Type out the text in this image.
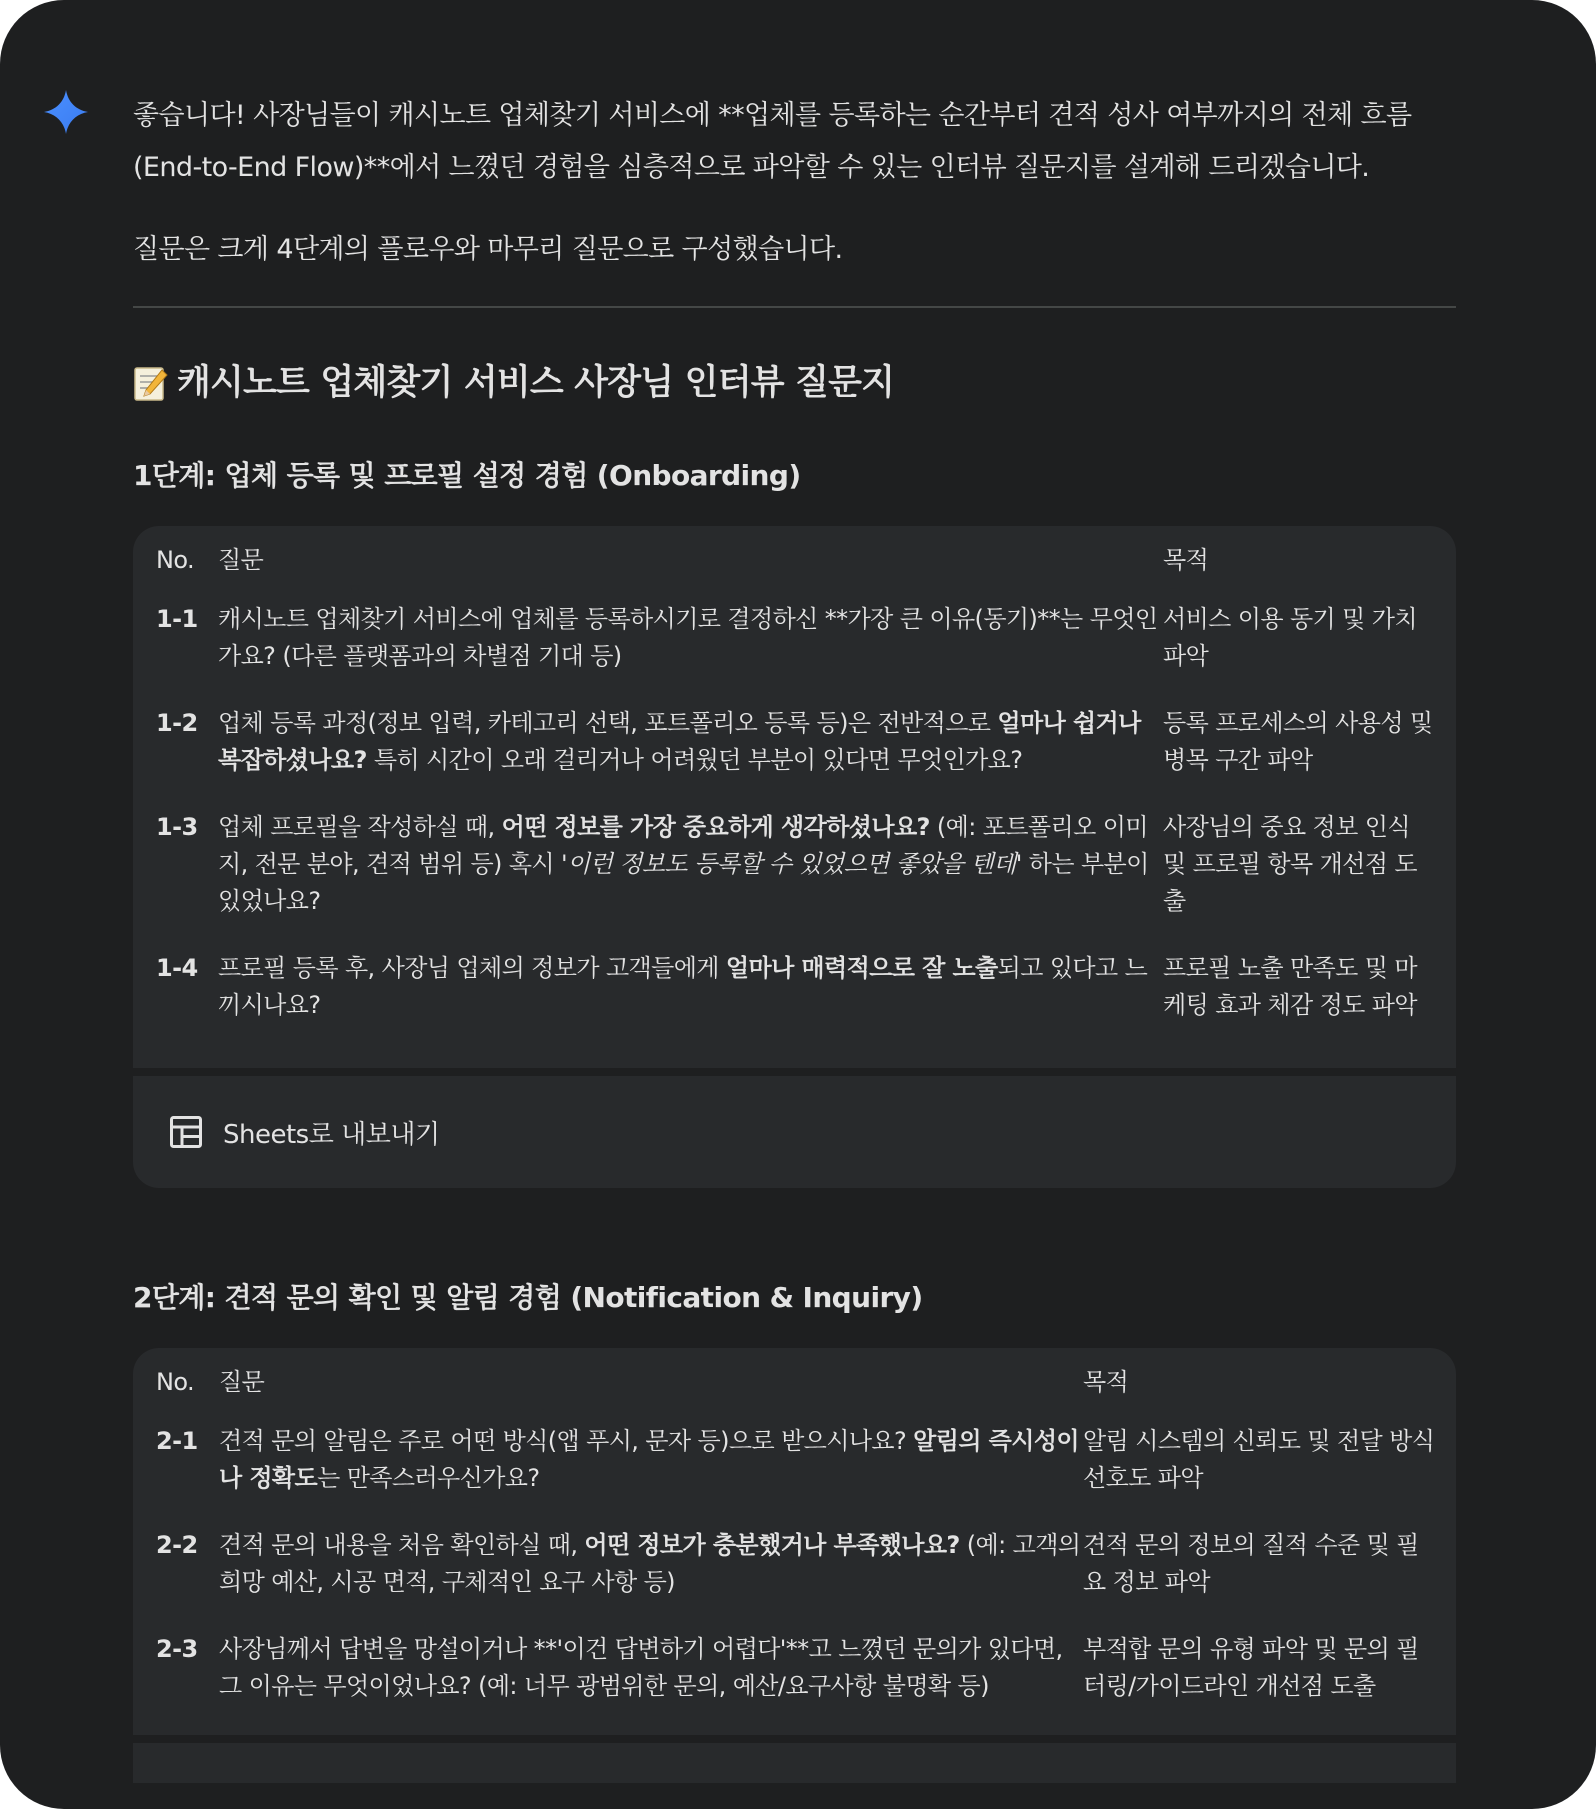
좋습니다! 사장님들이 캐시노트 업체찾기 서비스에 **업체를 등록하는 순간부터 견적 성사 여부까지의 전체 흐름 (End-to-End Flow)**에서 느꼈던 경험을 심층적으로 파악할 수 있는 인터뷰 질문지를 설계해 드리겠습니다.

질문은 크게 4단계의 플로우와 마무리 질문으로 구성했습니다.

캐시노트 업체찾기 서비스 사장님 인터뷰 질문지
1단계: 업체 등록 및 프로필 설정 경험 (Onboarding)
No.	질문	목적
1-1	캐시노트 업체찾기 서비스에 업체를 등록하시기로 결정하신 **가장 큰 이유(동기)**는 무엇인가요? (다른 플랫폼과의 차별점 기대 등)	서비스 이용 동기 및 가치 파악
1-2	업체 등록 과정(정보 입력, 카테고리 선택, 포트폴리오 등록 등)은 전반적으로 얼마나 쉽거나 복잡하셨나요? 특히 시간이 오래 걸리거나 어려웠던 부분이 있다면 무엇인가요?	등록 프로세스의 사용성 및 병목 구간 파악
1-3	업체 프로필을 작성하실 때, 어떤 정보를 가장 중요하게 생각하셨나요? (예: 포트폴리오 이미지, 전문 분야, 견적 범위 등) 혹시 '이런 정보도 등록할 수 있었으면 좋았을 텐데' 하는 부분이 있었나요?	사장님의 중요 정보 인식 및 프로필 항목 개선점 도출
1-4	프로필 등록 후, 사장님 업체의 정보가 고객들에게 얼마나 매력적으로 잘 노출되고 있다고 느끼시나요?	프로필 노출 만족도 및 마케팅 효과 체감 정도 파악
Sheets로 내보내기
2단계: 견적 문의 확인 및 알림 경험 (Notification & Inquiry)
No.	질문	목적
2-1	견적 문의 알림은 주로 어떤 방식(앱 푸시, 문자 등)으로 받으시나요? 알림의 즉시성이나 정확도는 만족스러우신가요?	알림 시스템의 신뢰도 및 전달 방식 선호도 파악
2-2	견적 문의 내용을 처음 확인하실 때, 어떤 정보가 충분했거나 부족했나요? (예: 고객의 희망 예산, 시공 면적, 구체적인 요구 사항 등)	견적 문의 정보의 질적 수준 및 필요 정보 파악
2-3	사장님께서 답변을 망설이거나 **'이건 답변하기 어렵다'**고 느꼈던 문의가 있다면, 그 이유는 무엇이었나요? (예: 너무 광범위한 문의, 예산/요구사항 불명확 등)	부적합 문의 유형 파악 및 문의 필터링/가이드라인 개선점 도출
